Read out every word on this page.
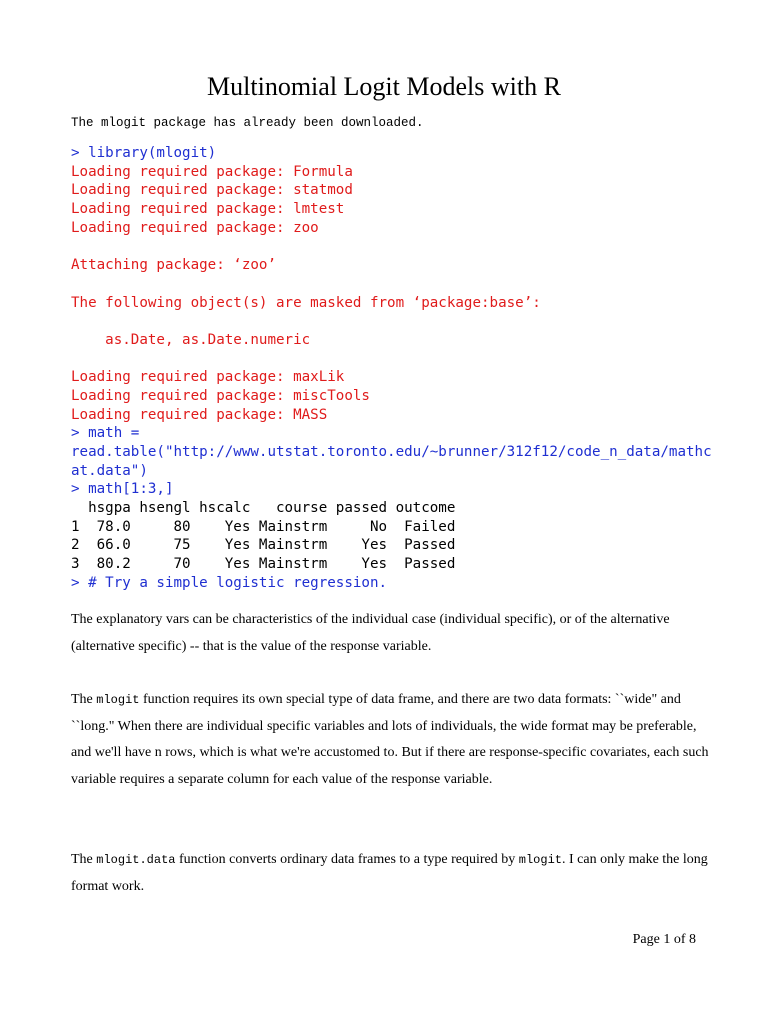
Multinomial Logit Models with R
The mlogit package has already been downloaded.
> library(mlogit)
Loading required package: Formula
Loading required package: statmod
Loading required package: lmtest
Loading required package: zoo
Attaching package: ‘zoo’
The following object(s) are masked from ‘package:base’:
as.Date, as.Date.numeric
Loading required package: maxLik
Loading required package: miscTools
Loading required package: MASS
> math =
read.table("http://www.utstat.toronto.edu/~brunner/312f12/code_n_data/mathc
at.data")
> math[1:3,]
hsgpa hsengl hscalc   course passed outcome
1  78.0     80    Yes Mainstrm     No  Failed
2  66.0     75    Yes Mainstrm    Yes  Passed
3  80.2     70    Yes Mainstrm    Yes  Passed
> # Try a simple logistic regression.

The explanatory vars can be characteristics of the individual case (individual specific), or of the alternative (alternative specific) -- that is the value of the response variable.

The mlogit function requires its own special type of data frame, and there are two data formats: ``wide" and ``long." When there are individual specific variables and lots of individuals, the wide format may be preferable, and we'll have n rows, which is what we're accustomed to. But if there are response-specific covariates, each such variable requires a separate column for each value of the response variable.

The mlogit.data function converts ordinary data frames to a type required by mlogit. I can only make the long format work.

Page 1 of 8
